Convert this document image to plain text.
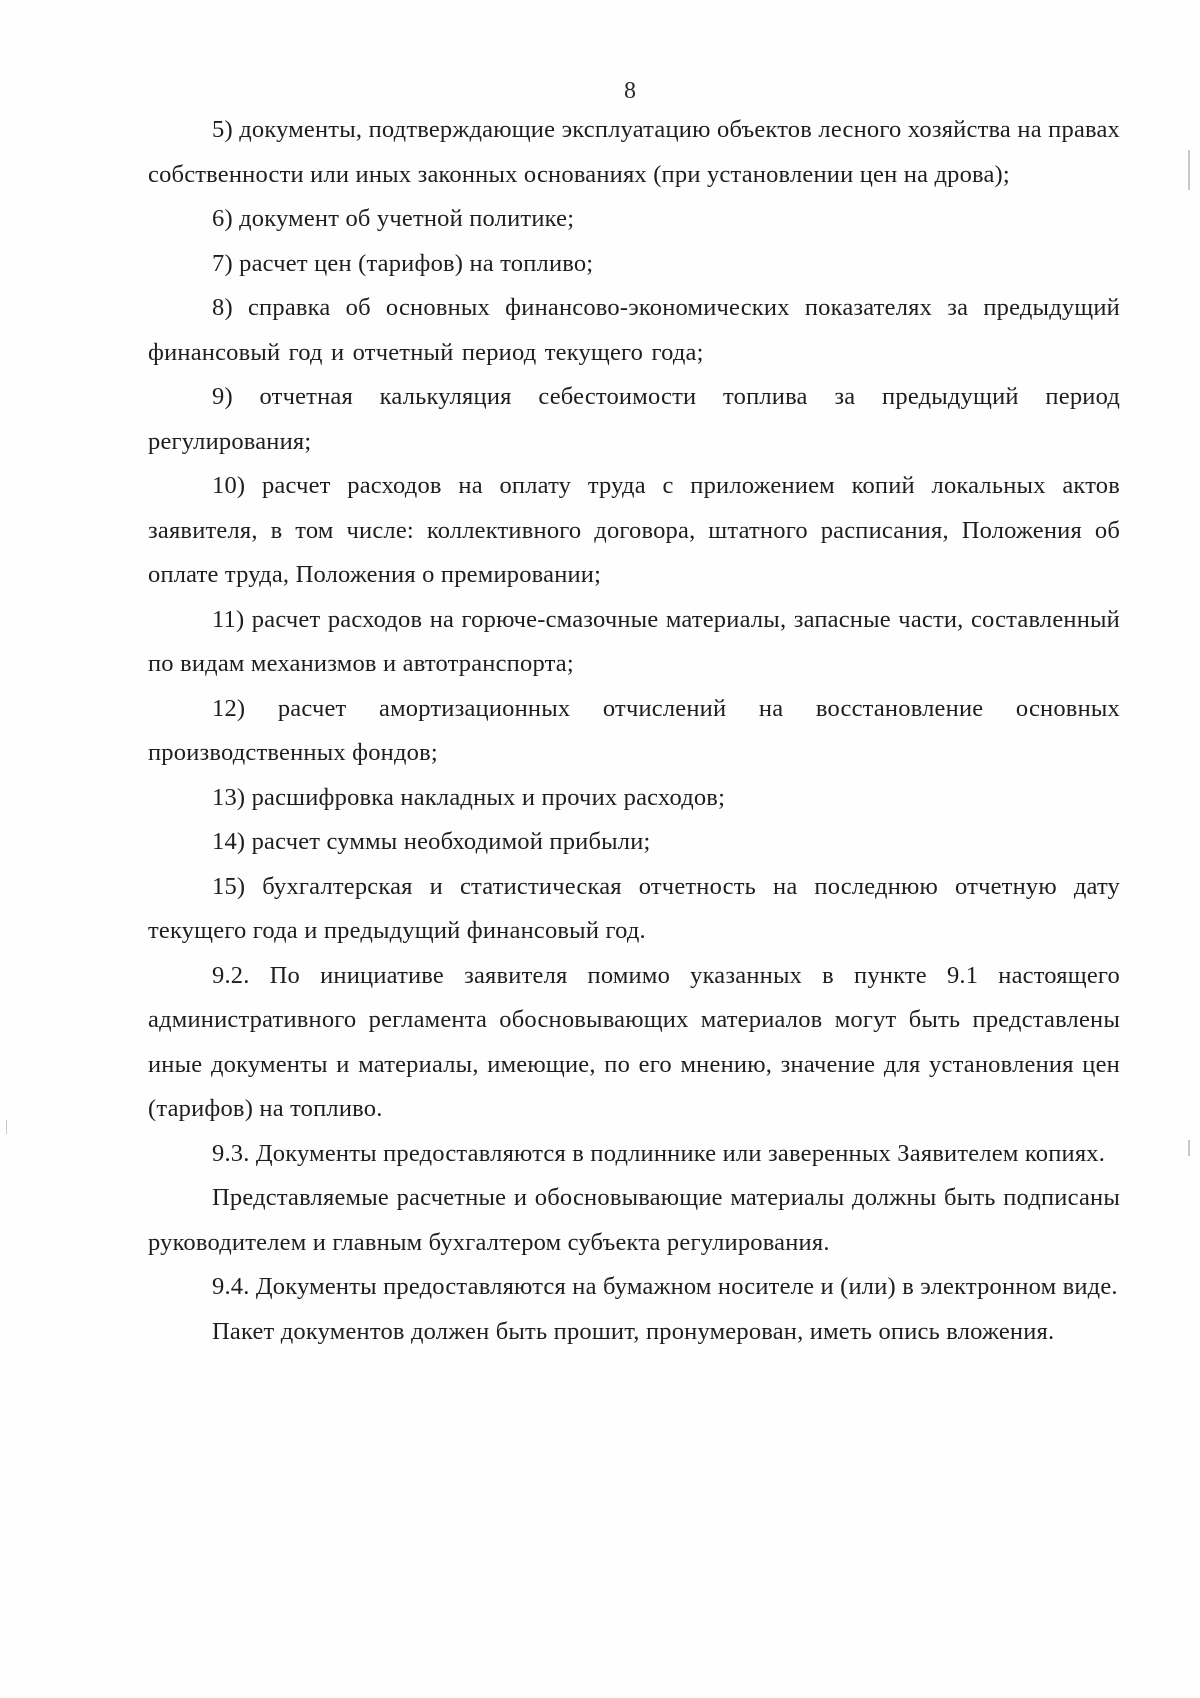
8

5) документы, подтверждающие эксплуатацию объектов лесного хозяйства на правах собственности или иных законных основаниях (при установлении цен на дрова);

6) документ об учетной политике;

7) расчет цен (тарифов) на топливо;

8) справка об основных финансово-экономических показателях за предыдущий финансовый год и отчетный период текущего года;

9) отчетная калькуляция себестоимости топлива за предыдущий период регулирования;

10) расчет расходов на оплату труда с приложением копий локальных актов заявителя, в том числе: коллективного договора, штатного расписания, Положения об оплате труда, Положения о премировании;

11) расчет расходов на горюче-смазочные материалы, запасные части, составленный по видам механизмов и автотранспорта;

12) расчет амортизационных отчислений на восстановление основных производственных фондов;

13) расшифровка накладных и прочих расходов;

14) расчет суммы необходимой прибыли;

15) бухгалтерская и статистическая отчетность на последнюю отчетную дату текущего года и предыдущий финансовый год.

9.2. По инициативе заявителя помимо указанных в пункте 9.1 настоящего административного регламента обосновывающих материалов могут быть представлены иные документы и материалы, имеющие, по его мнению, значение для установления цен (тарифов) на топливо.

9.3. Документы предоставляются в подлиннике или заверенных Заявителем копиях.

Представляемые расчетные и обосновывающие материалы должны быть подписаны руководителем и главным бухгалтером субъекта регулирования.

9.4. Документы предоставляются на бумажном носителе и (или) в электронном виде.

Пакет документов должен быть прошит, пронумерован, иметь опись вложения.
